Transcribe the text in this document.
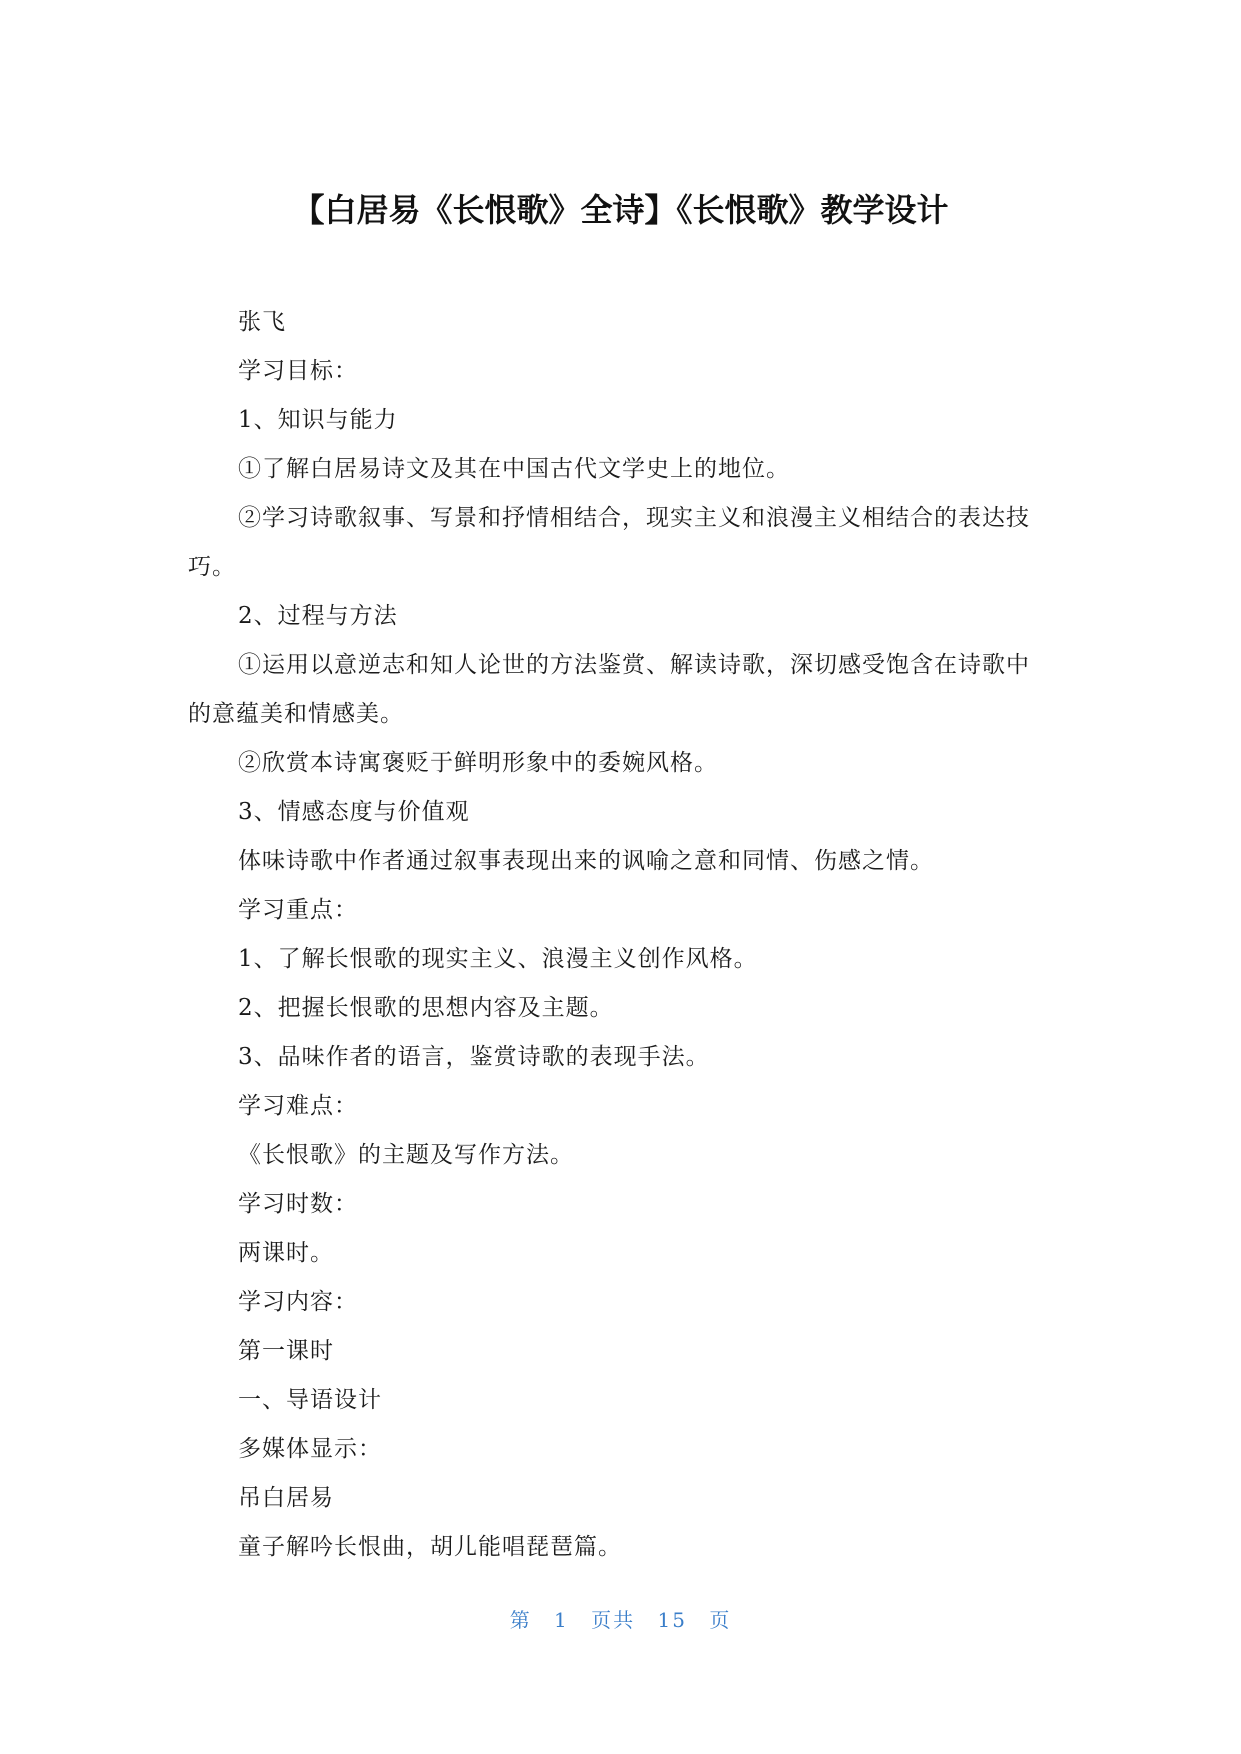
【白居易《长恨歌》全诗】《长恨歌》教学设计

张飞

学习目标：

1、知识与能力

①了解白居易诗文及其在中国古代文学史上的地位。

②学习诗歌叙事、写景和抒情相结合，现实主义和浪漫主义相结合的表达技巧。

2、过程与方法

①运用以意逆志和知人论世的方法鉴赏、解读诗歌，深切感受饱含在诗歌中的意蕴美和情感美。

②欣赏本诗寓褒贬于鲜明形象中的委婉风格。

3、情感态度与价值观

体味诗歌中作者通过叙事表现出来的讽喻之意和同情、伤感之情。

学习重点：

1、了解长恨歌的现实主义、浪漫主义创作风格。

2、把握长恨歌的思想内容及主题。

3、品味作者的语言，鉴赏诗歌的表现手法。

学习难点：

《长恨歌》的主题及写作方法。

学习时数：

两课时。

学习内容：

第一课时

一、导语设计

多媒体显示：

吊白居易

童子解吟长恨曲，胡儿能唱琵琶篇。

第 1 页共 15 页
